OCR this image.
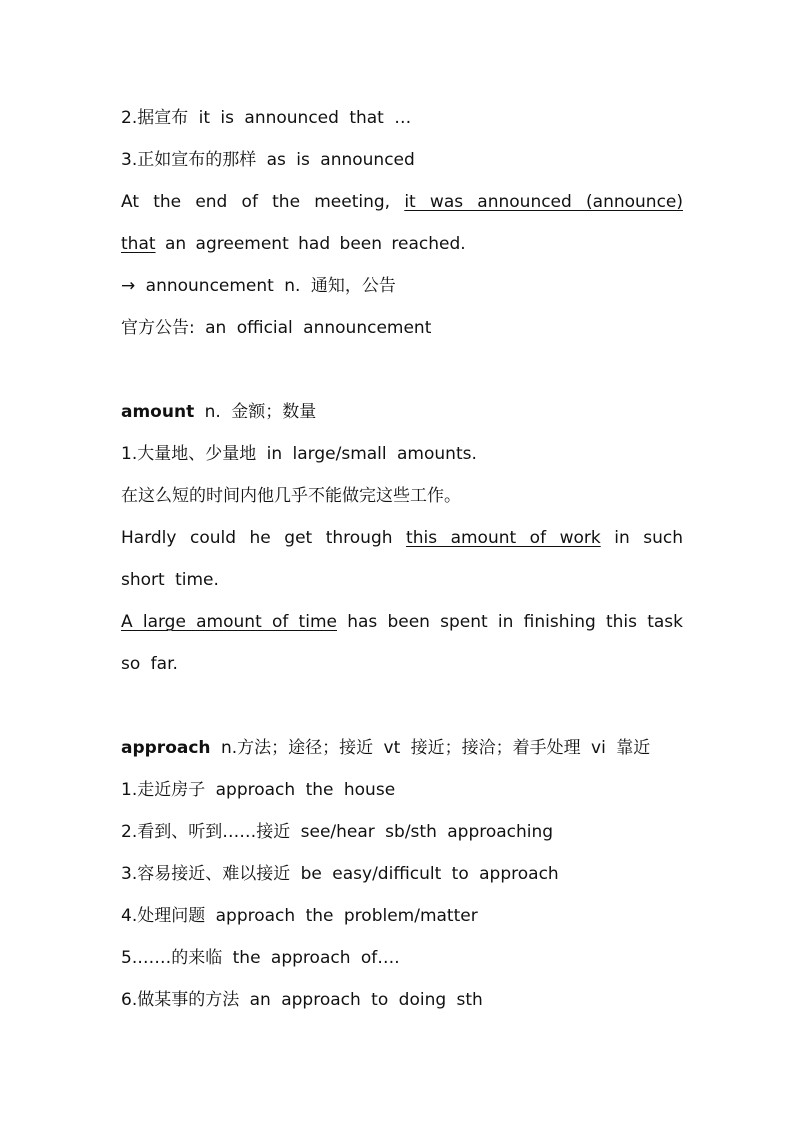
2.据宣布 it is announced that …
3.正如宣布的那样 as is announced
At the end of the meeting, it was announced (announce)
that an agreement had been reached.
→ announcement n. 通知，公告
官方公告: an official announcement
amount n. 金额；数量
1.大量地、少量地 in large/small amounts.
在这么短的时间内他几乎不能做完这些工作。
Hardly could he get through this amount of work in such
short time.
A large amount of time has been spent in finishing this task
so far.
approach n.方法；途径；接近 vt 接近；接洽；着手处理 vi 靠近
1.走近房子 approach the house
2.看到、听到……接近 see/hear sb/sth approaching
3.容易接近、难以接近 be easy/difficult to approach
4.处理问题 approach the problem/matter
5.……的来临 the approach of….
6.做某事的方法 an approach to doing sth
